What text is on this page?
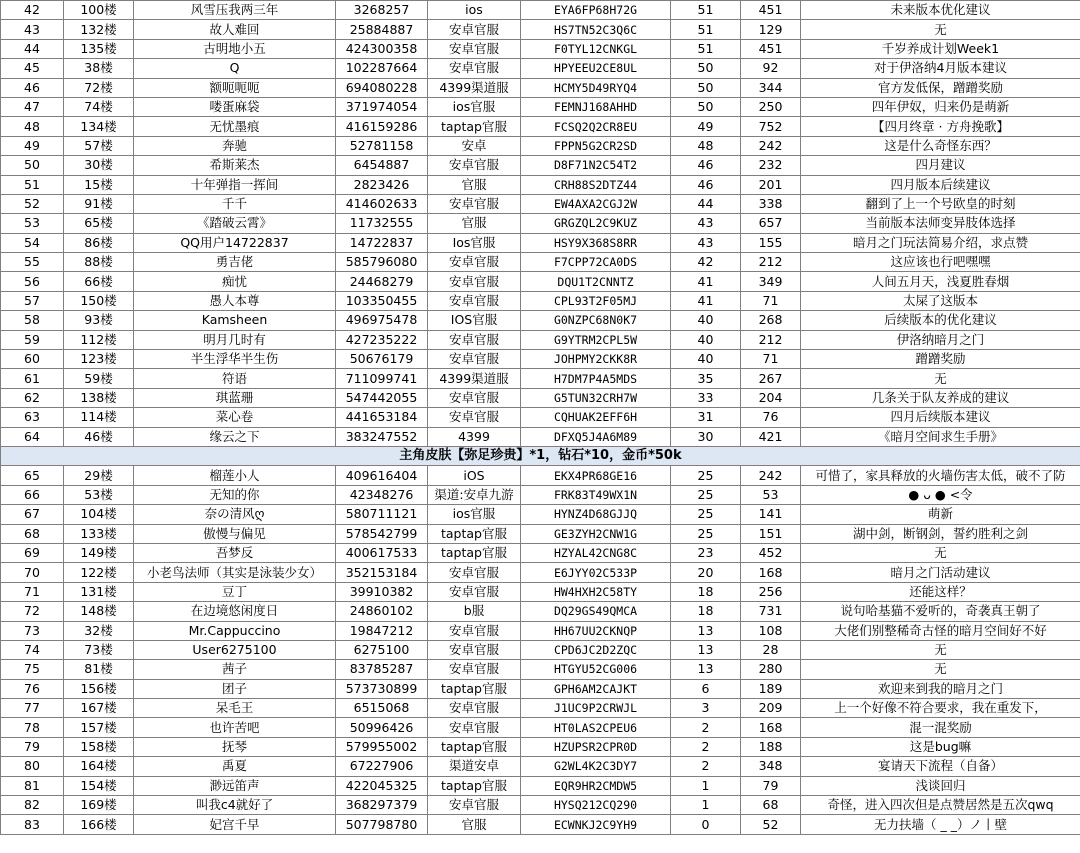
42	100楼	风雪压我两三年	3268257	ios	EYA6FP68H72G	51	451	未来版本优化建议
43	132楼	故人难回	25884887	安卓官服	HS7TN52C3Q6C	51	129	无
44	135楼	古明地小五	424300358	安卓官服	F0TYL12CNKGL	51	451	千岁养成计划Week1
45	38楼	Q	102287664	安卓官服	HPYEEU2CE8UL	50	92	对于伊洛纳4月版本建议
46	72楼	额呃呃呃	694080228	4399渠道服	HCMY5D49RYQ4	50	344	官方发低保，蹭蹭奖励
47	74楼	喽蛋麻袋	371974054	ios官服	FEMNJ168AHHD	50	250	四年伊奴，归来仍是萌新
48	134楼	无忧墨痕	416159286	taptap官服	FCSQ2Q2CR8EU	49	752	【四月终章 · 方舟挽歌】
49	57楼	奔驰	52781158	安卓	FPPN5G2CR2SD	48	242	这是什么奇怪东西？
50	30楼	希斯莱杰	6454887	安卓官服	D8F71N2C54T2	46	232	四月建议
51	15楼	十年弹指一挥间	2823426	官服	CRH88S2DTZ44	46	201	四月版本后续建议
52	91楼	千千	414602633	安卓官服	EW4AXA2CGJ2W	44	338	翻到了上一个号欧皇的时刻
53	65楼	《踏破云霄》	11732555	官服	GRGZQL2C9KUZ	43	657	当前版本法师变异肢体选择
54	86楼	QQ用户14722837	14722837	Ios官服	HSY9X368S8RR	43	155	暗月之门玩法简易介绍，求点赞
55	88楼	勇吉佬	585796080	安卓官服	F7CPP72CA0DS	42	212	这应该也行吧嘿嘿
56	66楼	痴忧	24468279	安卓官服	DQU1T2CNNTZ	41	349	人间五月天，浅夏胜春烟
57	150楼	愚人本尊	103350455	安卓官服	CPL93T2F05MJ	41	71	太屎了这版本
58	93楼	Kamsheen	496975478	IOS官服	G0NZPC68N0K7	40	268	后续版本的优化建议
59	112楼	明月几时有	427235222	安卓官服	G9YTRM2CPL5W	40	212	伊洛纳暗月之门
60	123楼	半生浮华半生伤	50676179	安卓官服	JOHPMY2CKK8R	40	71	蹭蹭奖励
61	59楼	符语	711099741	4399渠道服	H7DM7P4A5MDS	35	267	无
62	138楼	琪蓝珊	547442055	安卓官服	G5TUN32CRH7W	33	204	几条关于队友养成的建议
63	114楼	菜心卷	441653184	安卓官服	CQHUAK2EFF6H	31	76	四月后续版本建议
64	46楼	缘云之下	383247552	4399	DFXQ5J4A6M89	30	421	《暗月空间求生手册》
主角皮肤【弥足珍贵】*1，钻石*10，金币*50k								
65	29楼	榴莲小人	409616404	iOS	EKX4PR68GE16	25	242	可惜了，家具释放的火墙伤害太低，破不了防
66	53楼	无知的你	42348276	渠道:安卓九游	FRK83T49WX1N	25	53	● ᴗ ● <令
67	104楼	奈の清风ღ	580711121	ios官服	HYNZ4D68GJJQ	25	141	萌新
68	133楼	傲慢与偏见	578542799	taptap官服	GE3ZYH2CNW1G	25	151	湖中剑，断钢剑，誓约胜利之剑
69	149楼	吾梦反	400617533	taptap官服	HZYAL42CNG8C	23	452	无
70	122楼	小老鸟法师（其实是泳装少女）	352153184	安卓官服	E6JYY02C533P	20	168	暗月之门活动建议
71	131楼	豆丁	39910382	安卓官服	HW4HXH2C58TY	18	256	还能这样？
72	148楼	在边境悠闲度日	24860102	b服	DQ29GS49QMCA	18	731	说句哈基猫不爱听的，奇袭真王朝了
73	32楼	Mr.Cappuccino	19847212	安卓官服	HH67UU2CKNQP	13	108	大佬们别整稀奇古怪的暗月空间好不好
74	73楼	User6275100	6275100	安卓官服	CPD6JC2D2ZQC	13	28	无
75	81楼	茜子	83785287	安卓官服	HTGYU52CG006	13	280	无
76	156楼	团子	573730899	taptap官服	GPH6AM2CAJKT	6	189	欢迎来到我的暗月之门
77	167楼	呆毛王	6515068	安卓官服	J1UC9P2CRWJL	3	209	上一个好像不符合要求，我在重发下，
78	157楼	也许苦吧	50996426	安卓官服	HT0LAS2CPEU6	2	168	混一混奖励
79	158楼	抚琴	579955002	taptap官服	HZUPSR2CPR0D	2	188	这是bug嘛
80	164楼	禹夏	67227906	渠道安卓	G2WL4K2C3DY7	2	348	宴请天下流程（自备）
81	154楼	渺远笛声	422045325	taptap官服	EQR9HR2CMDW5	1	79	浅谈回归
82	169楼	叫我c4就好了	368297379	安卓官服	HYSQ212CQ290	1	68	奇怪，进入四次但是点赞居然是五次qwq
83	166楼	妃宫千早	507798780	官服	ECWNKJ2C9YH9	0	52	无力扶墙（ _ _）ノ丨壁
